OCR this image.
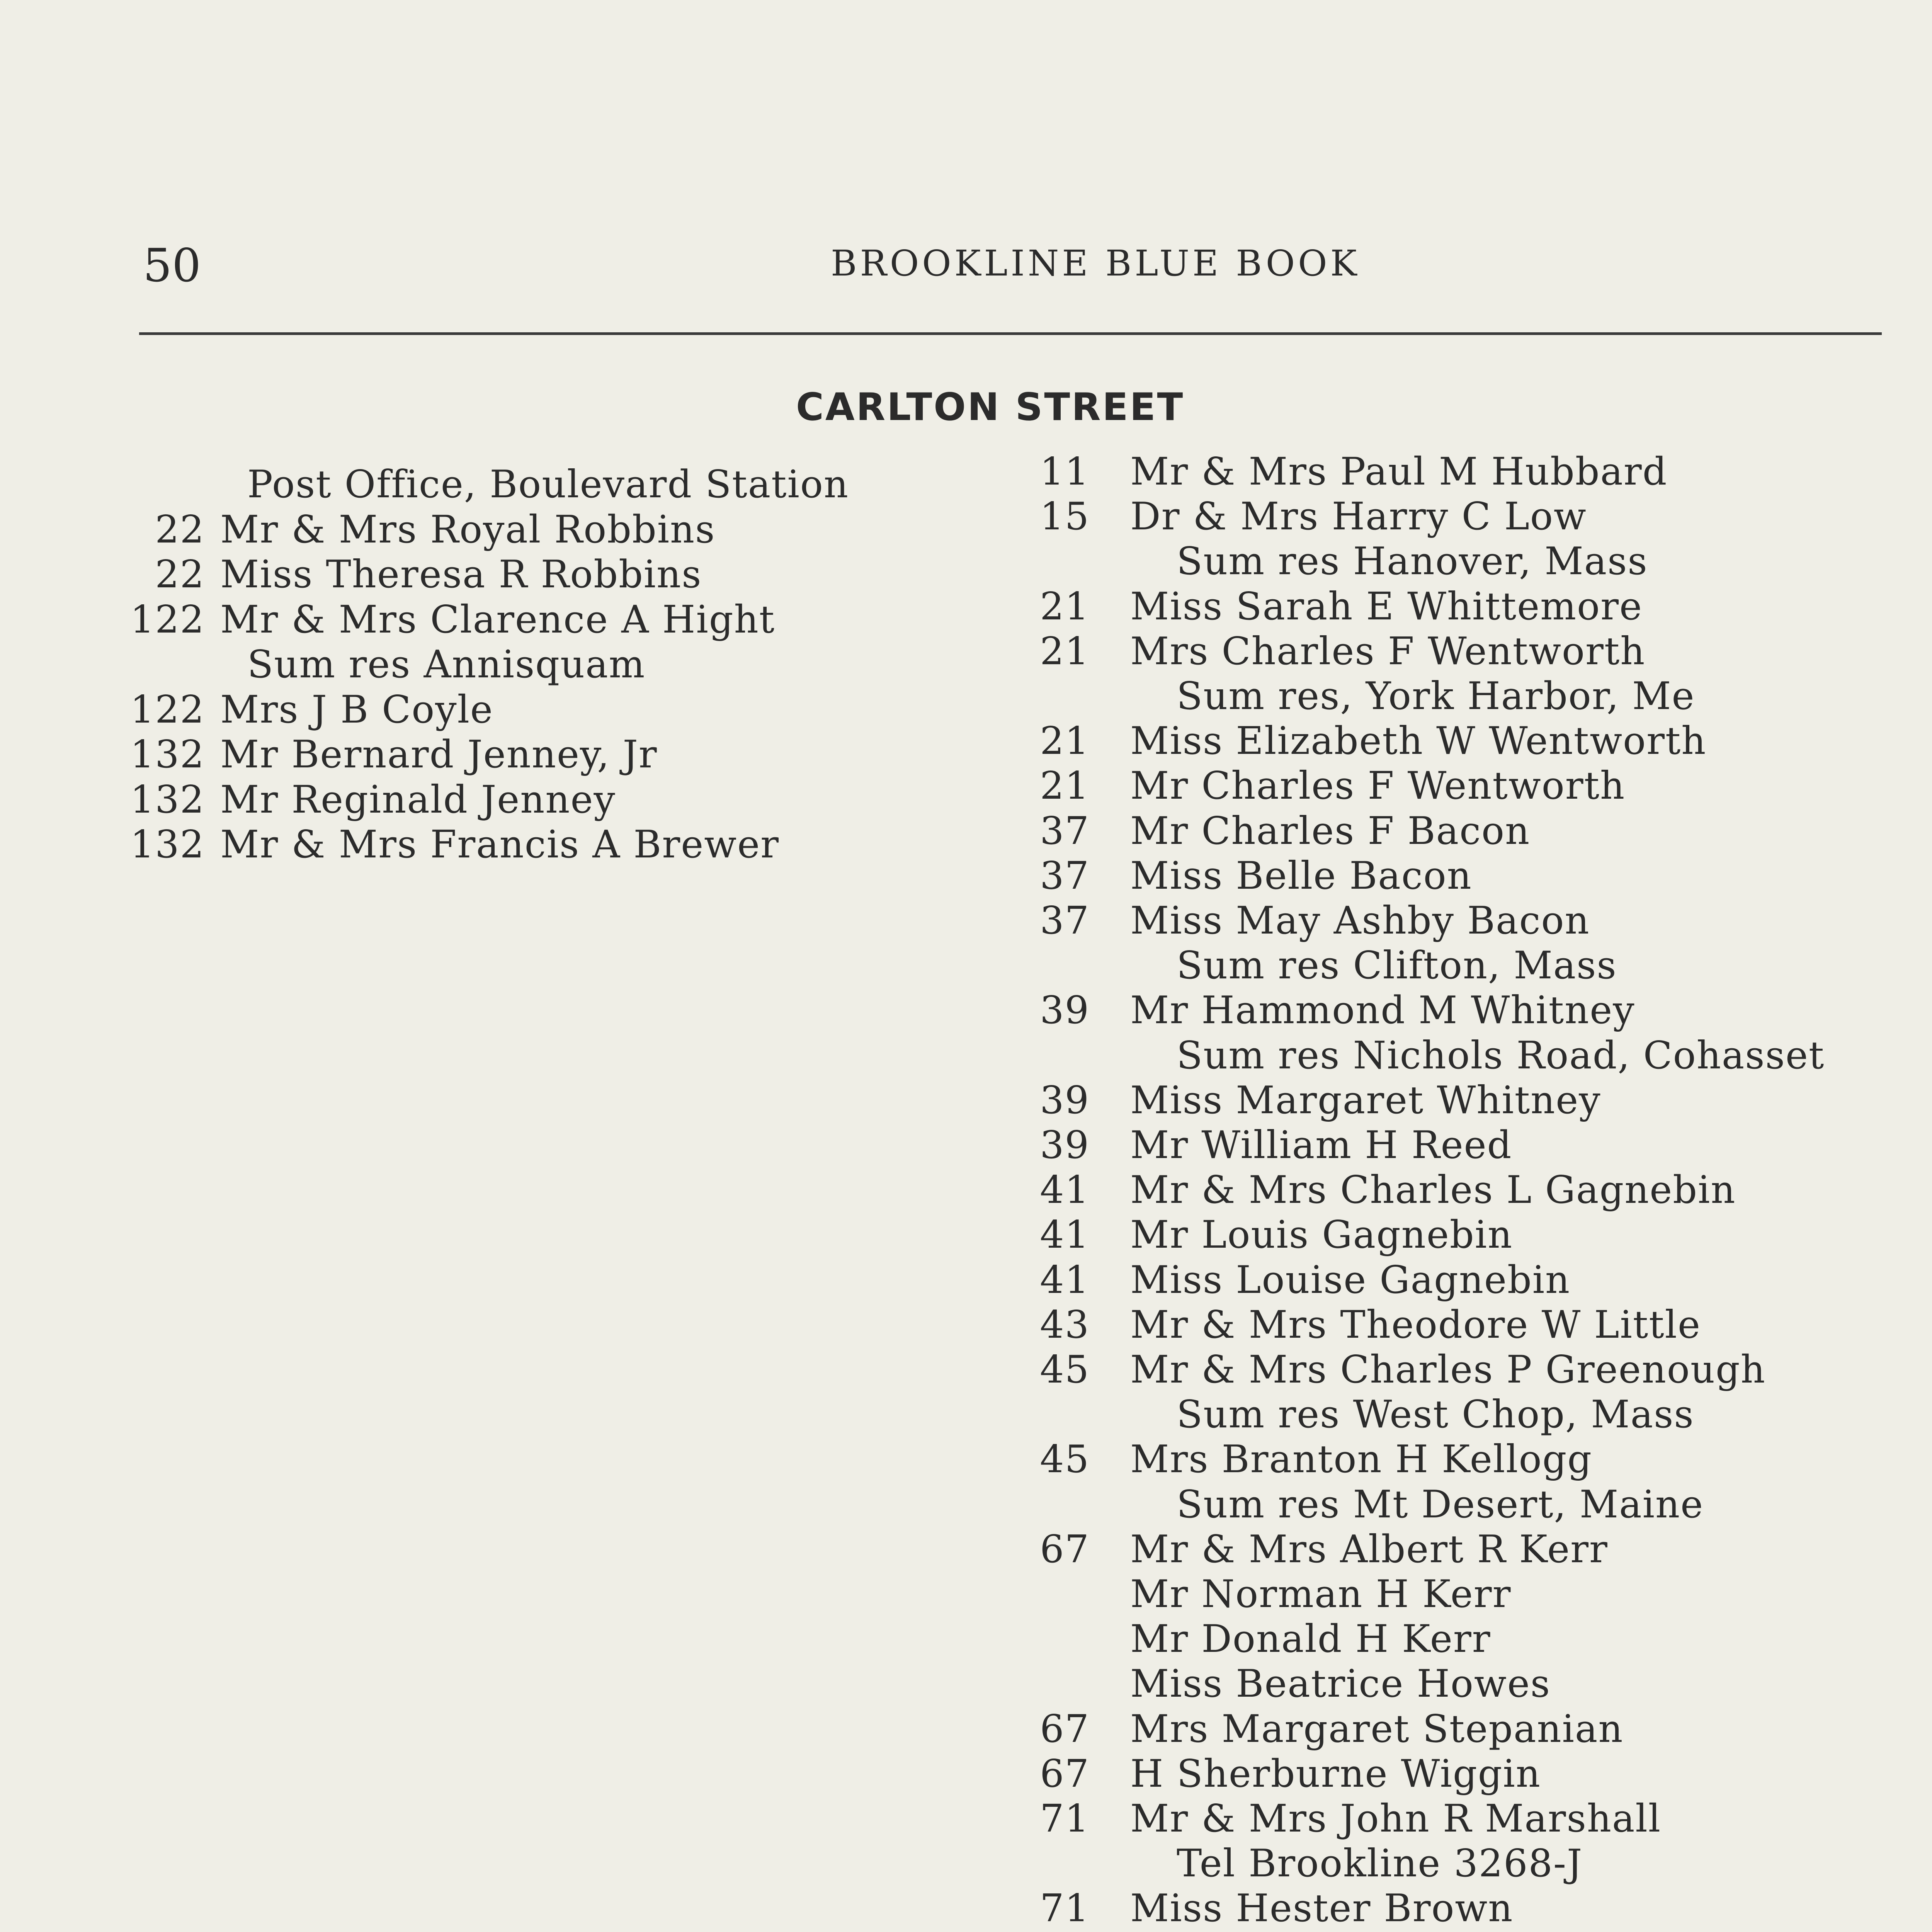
50	BROOKLINE BLUE BOOK
CARLTON STREET
Post Office, Boulevard Station
22 Mr & Mrs Royal Robbins
22 Miss Theresa R Robbins
122 Mr & Mrs Clarence A Hight
Sum res Annisquam
122 Mrs J B Coyle
132 Mr Bernard Jenney, Jr
132 Mr Reginald Jenney
132 Mr & Mrs Francis A Brewer
11 Mr & Mrs Paul M Hubbard
15 Dr & Mrs Harry C Low
Sum res Hanover, Mass
21 Miss Sarah E Whittemore
21 Mrs Charles F Wentworth
Sum res, York Harbor, Me
21 Miss Elizabeth W Wentworth
21 Mr Charles F Wentworth
37 Mr Charles F Bacon
37 Miss Belle Bacon
37 Miss May Ashby Bacon
Sum res Clifton, Mass
39 Mr Hammond M Whitney
Sum res Nichols Road, Cohasset
39 Miss Margaret Whitney
39 Mr William H Reed
41 Mr & Mrs Charles L Gagnebin
41 Mr Louis Gagnebin
41 Miss Louise Gagnebin
43 Mr & Mrs Theodore W Little
45 Mr & Mrs Charles P Greenough
Sum res West Chop, Mass
45 Mrs Branton H Kellogg
Sum res Mt Desert, Maine
67 Mr & Mrs Albert R Kerr
Mr Norman H Kerr
Mr Donald H Kerr
Miss Beatrice Howes
67 Mrs Margaret Stepanian
67 H Sherburne Wiggin
71 Mr & Mrs John R Marshall
Tel Brookline 3268-J
71 Miss Hester Brown
